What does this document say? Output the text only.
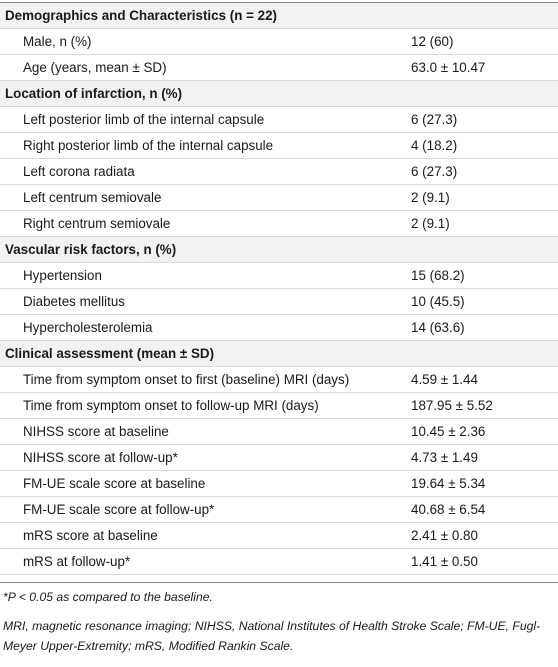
Demographics and Characteristics (n = 22)
Male, n (%)	12 (60)
Age (years, mean ± SD)	63.0 ± 10.47
Location of infarction, n (%)
Left posterior limb of the internal capsule	6 (27.3)
Right posterior limb of the internal capsule	4 (18.2)
Left corona radiata	6 (27.3)
Left centrum semiovale	2 (9.1)
Right centrum semiovale	2 (9.1)
Vascular risk factors, n (%)
Hypertension	15 (68.2)
Diabetes mellitus	10 (45.5)
Hypercholesterolemia	14 (63.6)
Clinical assessment (mean ± SD)
Time from symptom onset to first (baseline) MRI (days)	4.59 ± 1.44
Time from symptom onset to follow-up MRI (days)	187.95 ± 5.52
NIHSS score at baseline	10.45 ± 2.36
NIHSS score at follow-up*	4.73 ± 1.49
FM-UE scale score at baseline	19.64 ± 5.34
FM-UE scale score at follow-up*	40.68 ± 6.54
mRS score at baseline	2.41 ± 0.80
mRS at follow-up*	1.41 ± 0.50
*P < 0.05 as compared to the baseline.
MRI, magnetic resonance imaging; NIHSS, National Institutes of Health Stroke Scale; FM-UE, Fugl-Meyer Upper-Extremity; mRS, Modified Rankin Scale.
